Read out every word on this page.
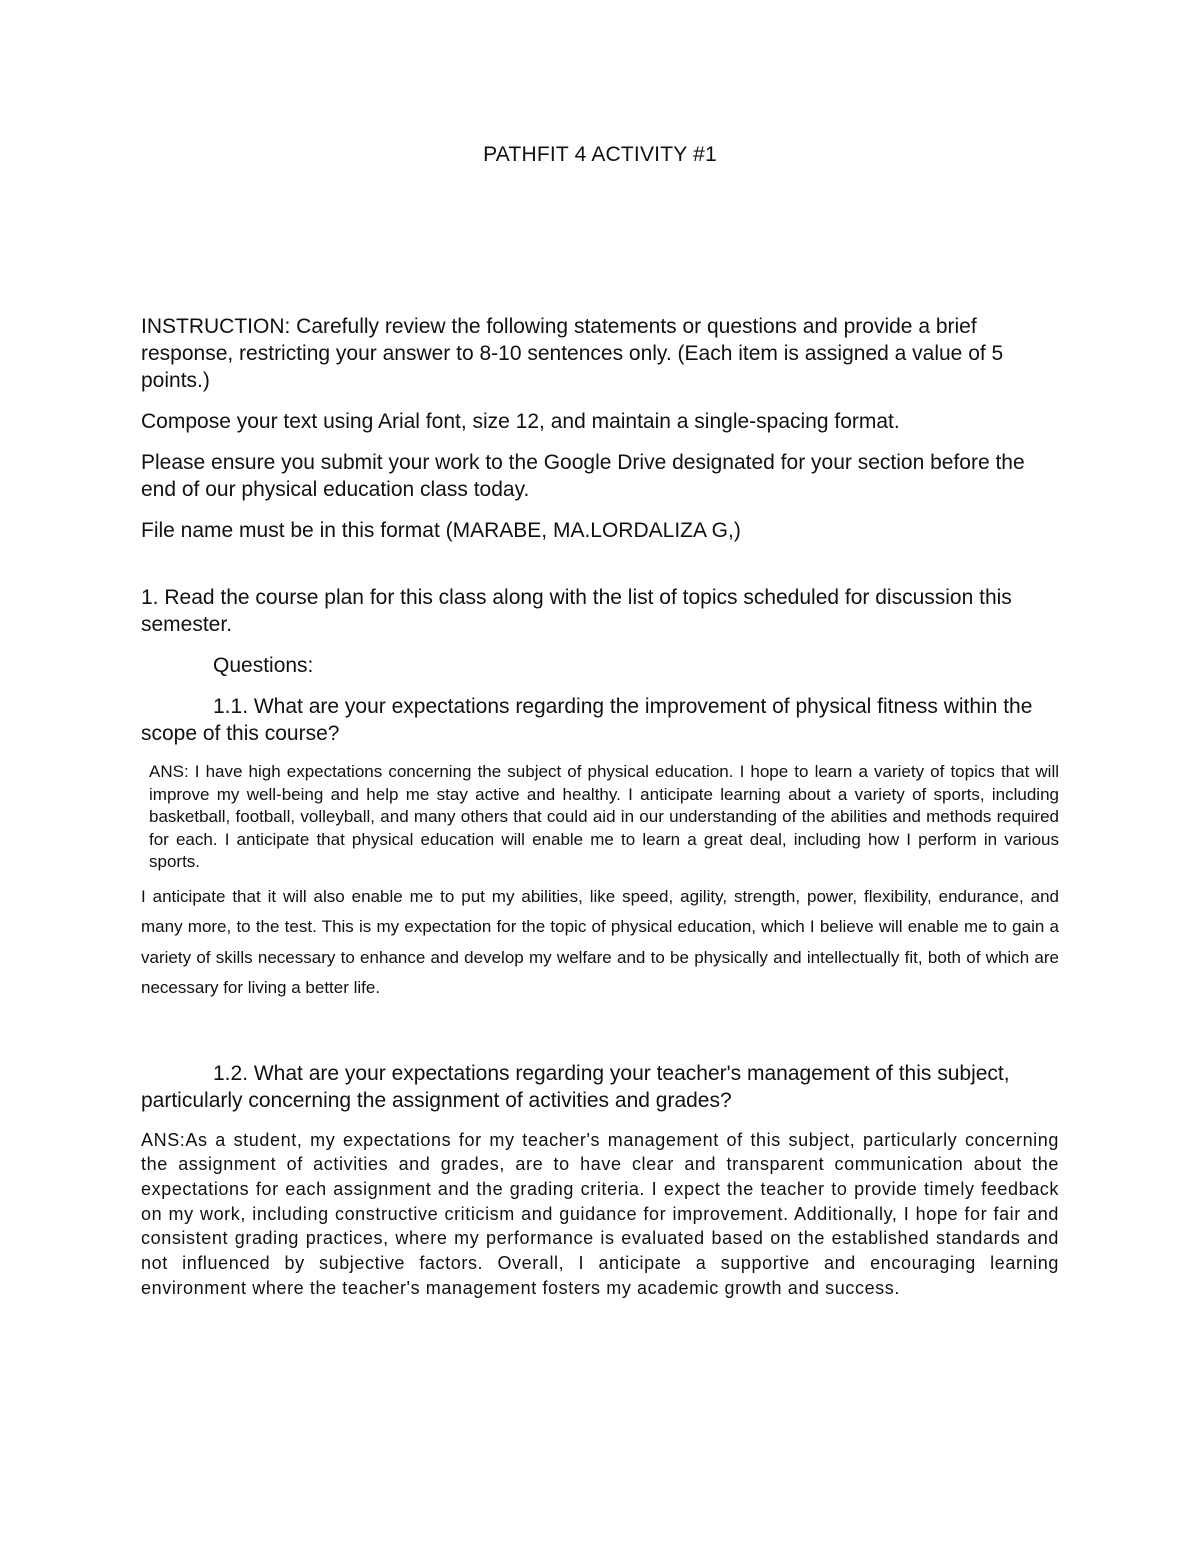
PATHFIT 4 ACTIVITY #1

INSTRUCTION: Carefully review the following statements or questions and provide a brief response, restricting your answer to 8-10 sentences only. (Each item is assigned a value of 5 points.)

Compose your text using Arial font, size 12, and maintain a single-spacing format.

Please ensure you submit your work to the Google Drive designated for your section before the end of our physical education class today.

File name must be in this format (MARABE, MA.LORDALIZA G,)

1. Read the course plan for this class along with the list of topics scheduled for discussion this semester.

Questions:

1.1. What are your expectations regarding the improvement of physical fitness within the scope of this course?

ANS: I have high expectations concerning the subject of physical education. I hope to learn a variety of topics that will improve my well-being and help me stay active and healthy. I anticipate learning about a variety of sports, including basketball, football, volleyball, and many others that could aid in our understanding of the abilities and methods required for each. I anticipate that physical education will enable me to learn a great deal, including how I perform in various sports.

I anticipate that it will also enable me to put my abilities, like speed, agility, strength, power, flexibility, endurance, and many more, to the test. This is my expectation for the topic of physical education, which I believe will enable me to gain a variety of skills necessary to enhance and develop my welfare and to be physically and intellectually fit, both of which are necessary for living a better life.

1.2. What are your expectations regarding your teacher's management of this subject, particularly concerning the assignment of activities and grades?

ANS:As a student, my expectations for my teacher's management of this subject, particularly concerning the assignment of activities and grades, are to have clear and transparent communication about the expectations for each assignment and the grading criteria. I expect the teacher to provide timely feedback on my work, including constructive criticism and guidance for improvement. Additionally, I hope for fair and consistent grading practices, where my performance is evaluated based on the established standards and not influenced by subjective factors. Overall, I anticipate a supportive and encouraging learning environment where the teacher's management fosters my academic growth and success.
